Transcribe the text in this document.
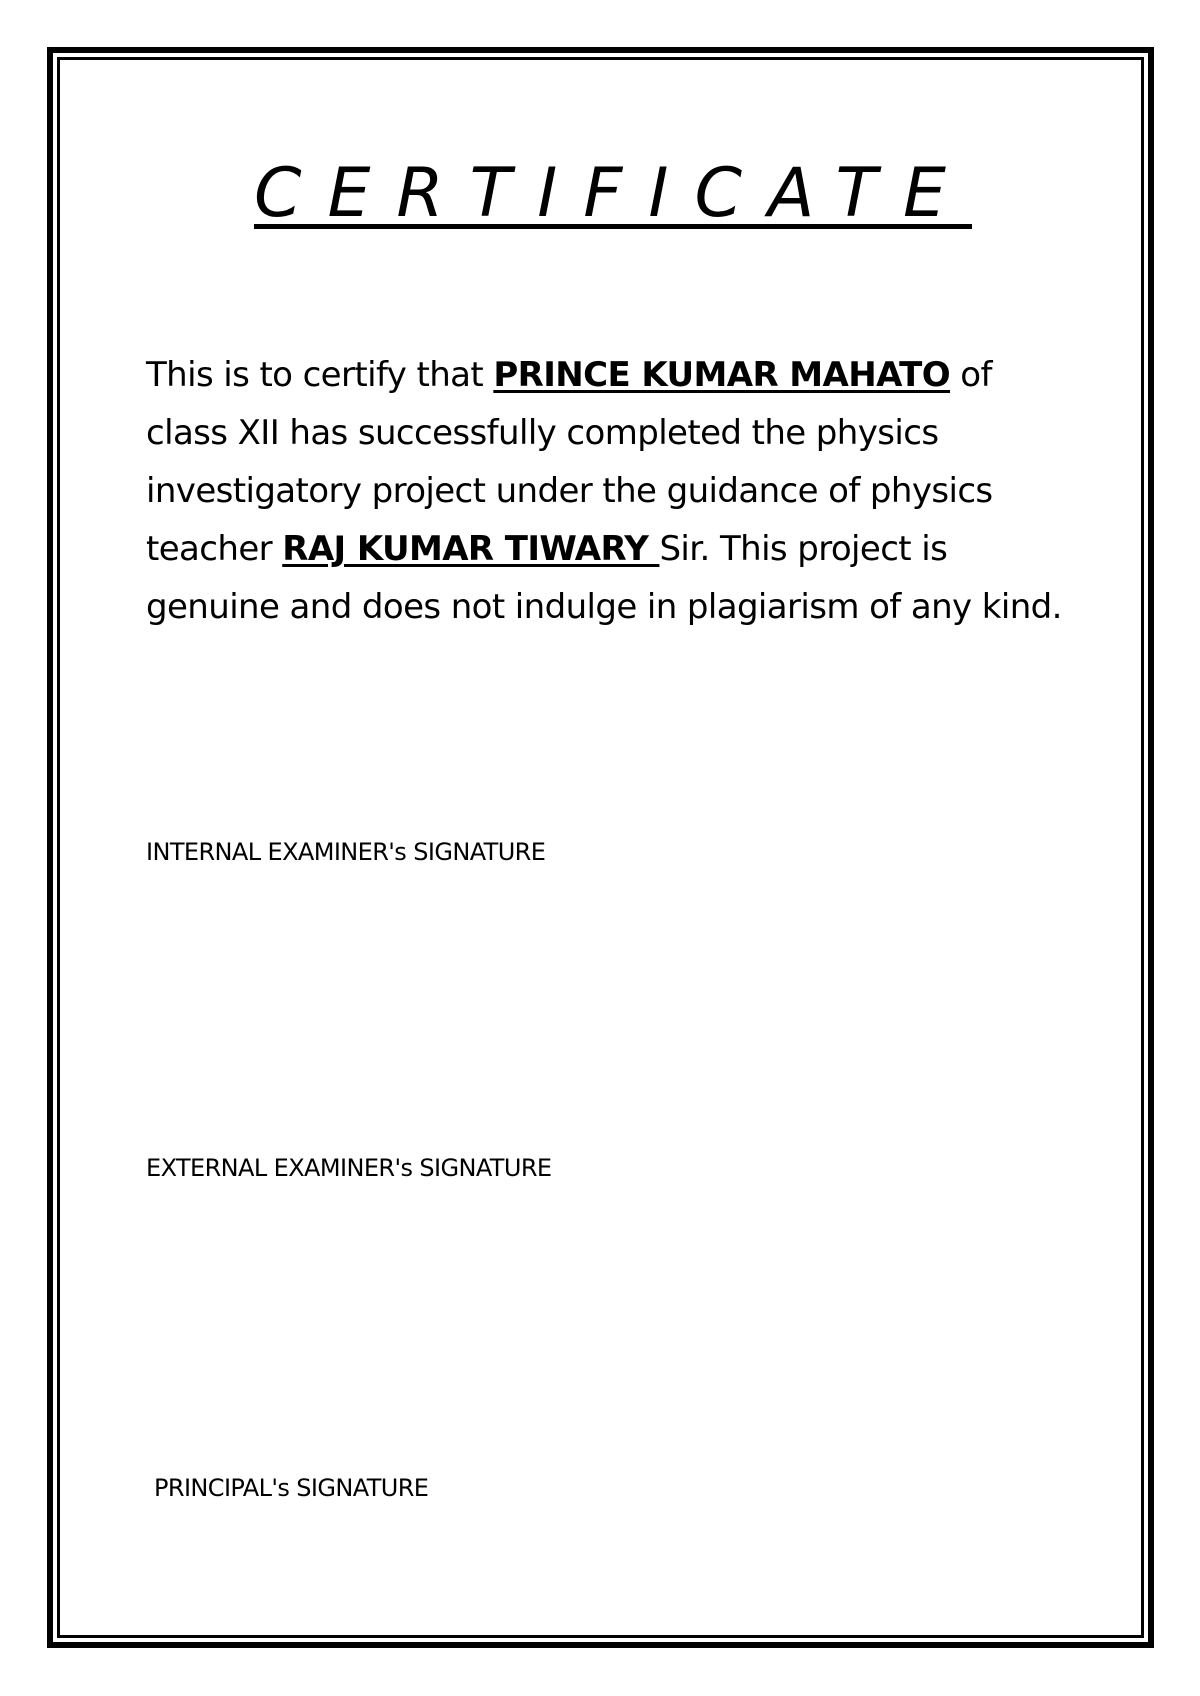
CERTIFICATE

This is to certify that PRINCE KUMAR MAHATO of class XII has successfully completed the physics investigatory project under the guidance of physics teacher RAJ KUMAR TIWARY Sir. This project is genuine and does not indulge in plagiarism of any kind.

INTERNAL EXAMINER's SIGNATURE

EXTERNAL EXAMINER's SIGNATURE

PRINCIPAL's SIGNATURE
